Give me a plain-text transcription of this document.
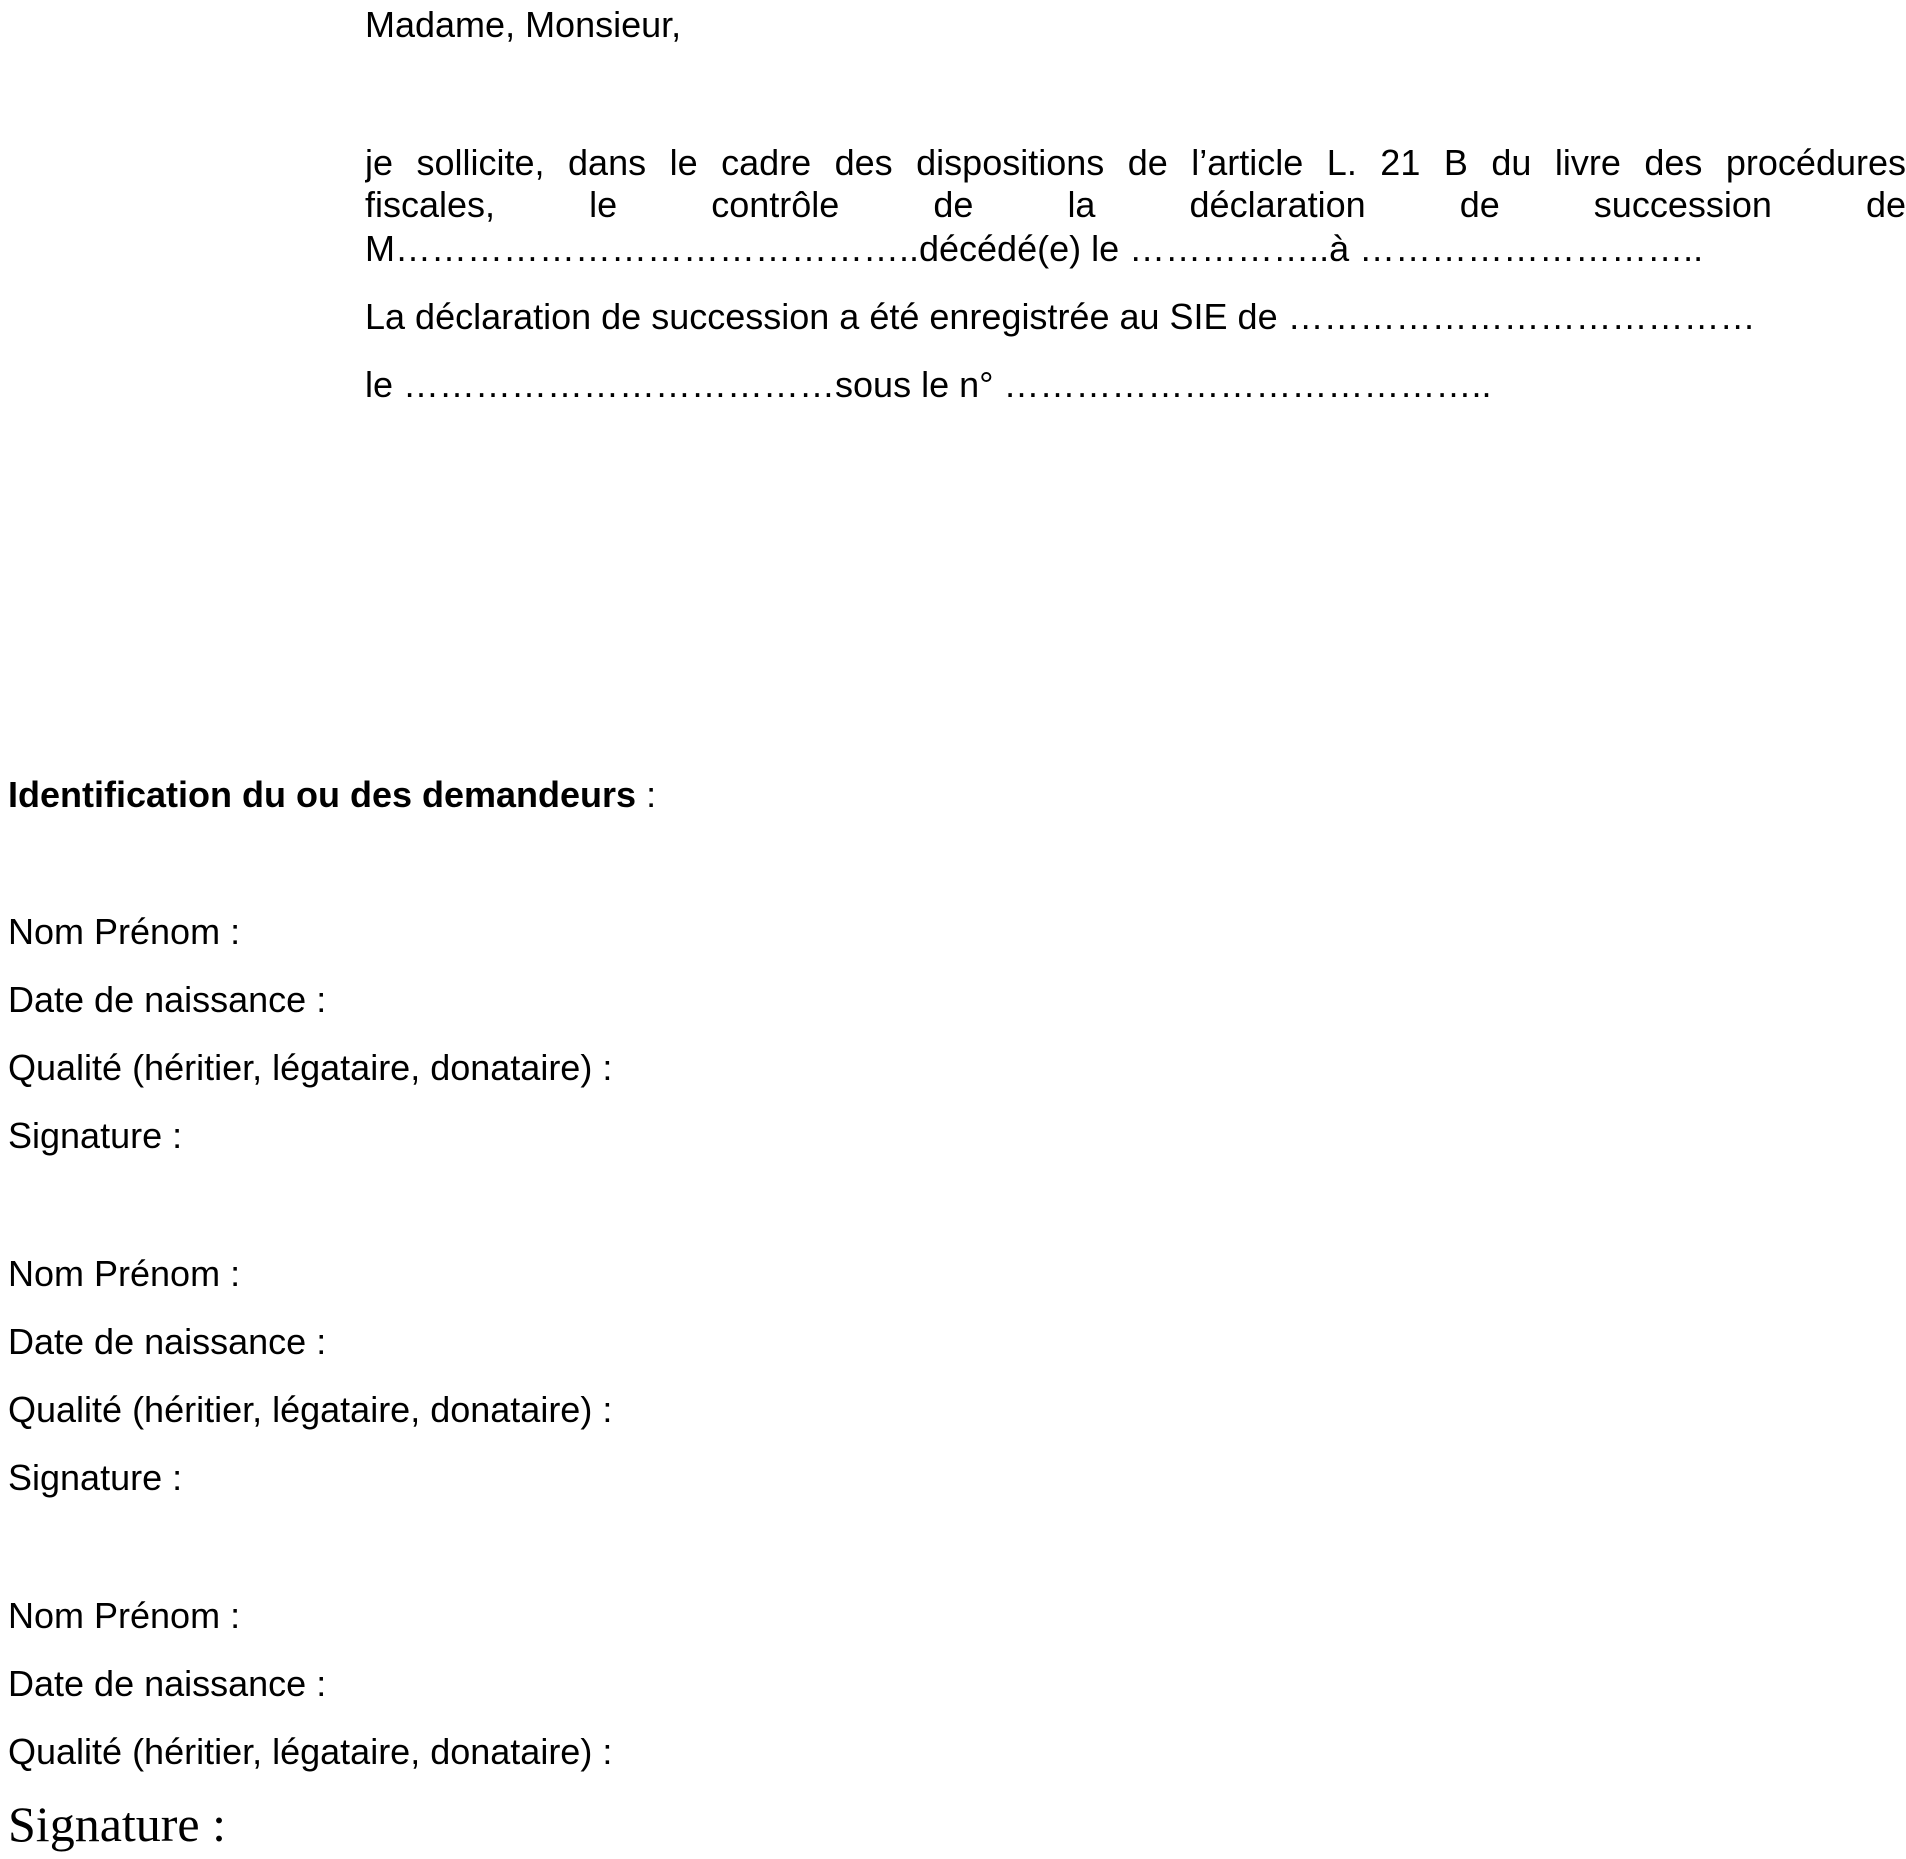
Madame, Monsieur,
je sollicite, dans le cadre des dispositions de l’article L. 21 B du livre des procédures
fiscales, le contrôle de la déclaration de succession de
M……………………………………..décédé(e) le ……………..à ………………………..
La déclaration de succession a été enregistrée au SIE de …………………………………
le ………………………………sous le n° …………………………………..
Identification du ou des demandeurs :
Nom Prénom :
Date de naissance :
Qualité (héritier, légataire, donataire) :
Signature :
Nom Prénom :
Date de naissance :
Qualité (héritier, légataire, donataire) :
Signature :
Nom Prénom :
Date de naissance :
Qualité (héritier, légataire, donataire) :
Signature :
